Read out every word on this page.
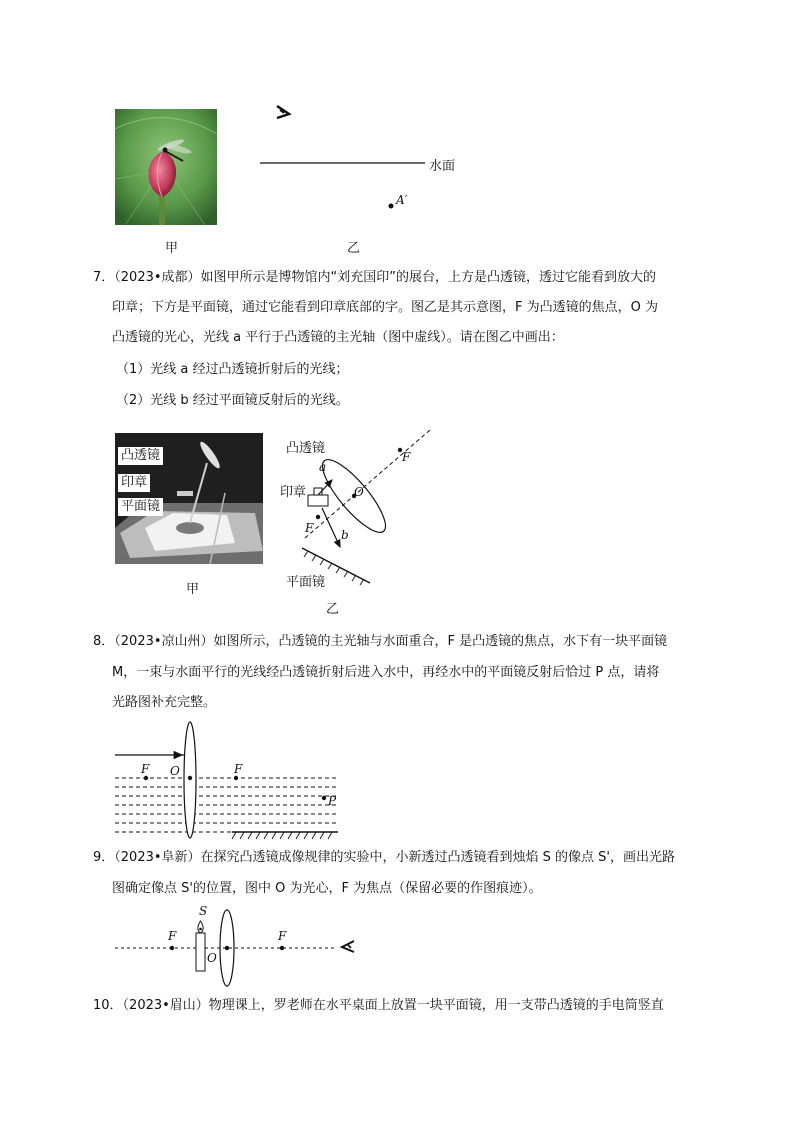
甲
水面
A′
乙
7．（2023•成都）如图甲所示是博物馆内“刘充国印”的展台，上方是凸透镜，透过它能看到放大的
印章；下方是平面镜，通过它能看到印章底部的字。图乙是其示意图，F 为凸透镜的焦点，O 为
凸透镜的光心，光线 a 平行于凸透镜的主光轴（图中虚线）。请在图乙中画出：
（1）光线 a 经过凸透镜折射后的光线；
（2）光线 b 经过平面镜反射后的光线。
凸透镜
印章
平面镜
甲
凸透镜
印章
平面镜
a
b
F
F
O
乙
8．（2023•凉山州）如图所示，凸透镜的主光轴与水面重合，F 是凸透镜的焦点，水下有一块平面镜
M，一束与水面平行的光线经凸透镜折射后进入水中，再经水中的平面镜反射后恰过 P 点，请将
光路图补充完整。
F O	F
P
9．（2023•阜新）在探究凸透镜成像规律的实验中，小新透过凸透镜看到烛焰 S 的像点 S'，画出光路
图确定像点 S'的位置，图中 O 为光心，F 为焦点（保留必要的作图痕迹）。
S
F
O
F
10．（2023•眉山）物理课上，罗老师在水平桌面上放置一块平面镜，用一支带凸透镜的手电筒竖直
